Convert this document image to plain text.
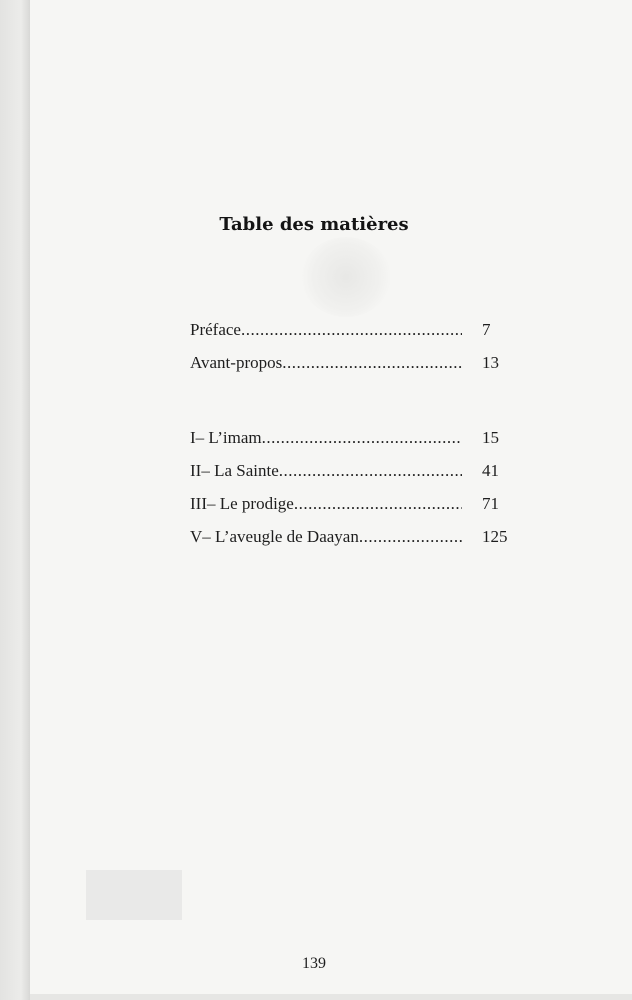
Table des matières
Préface .....	7
Avant-propos .....	13
I– L’imam .....	15
II– La Sainte .....	41
III– Le prodige .....	71
V– L’aveugle de Daayan .....	125
139
